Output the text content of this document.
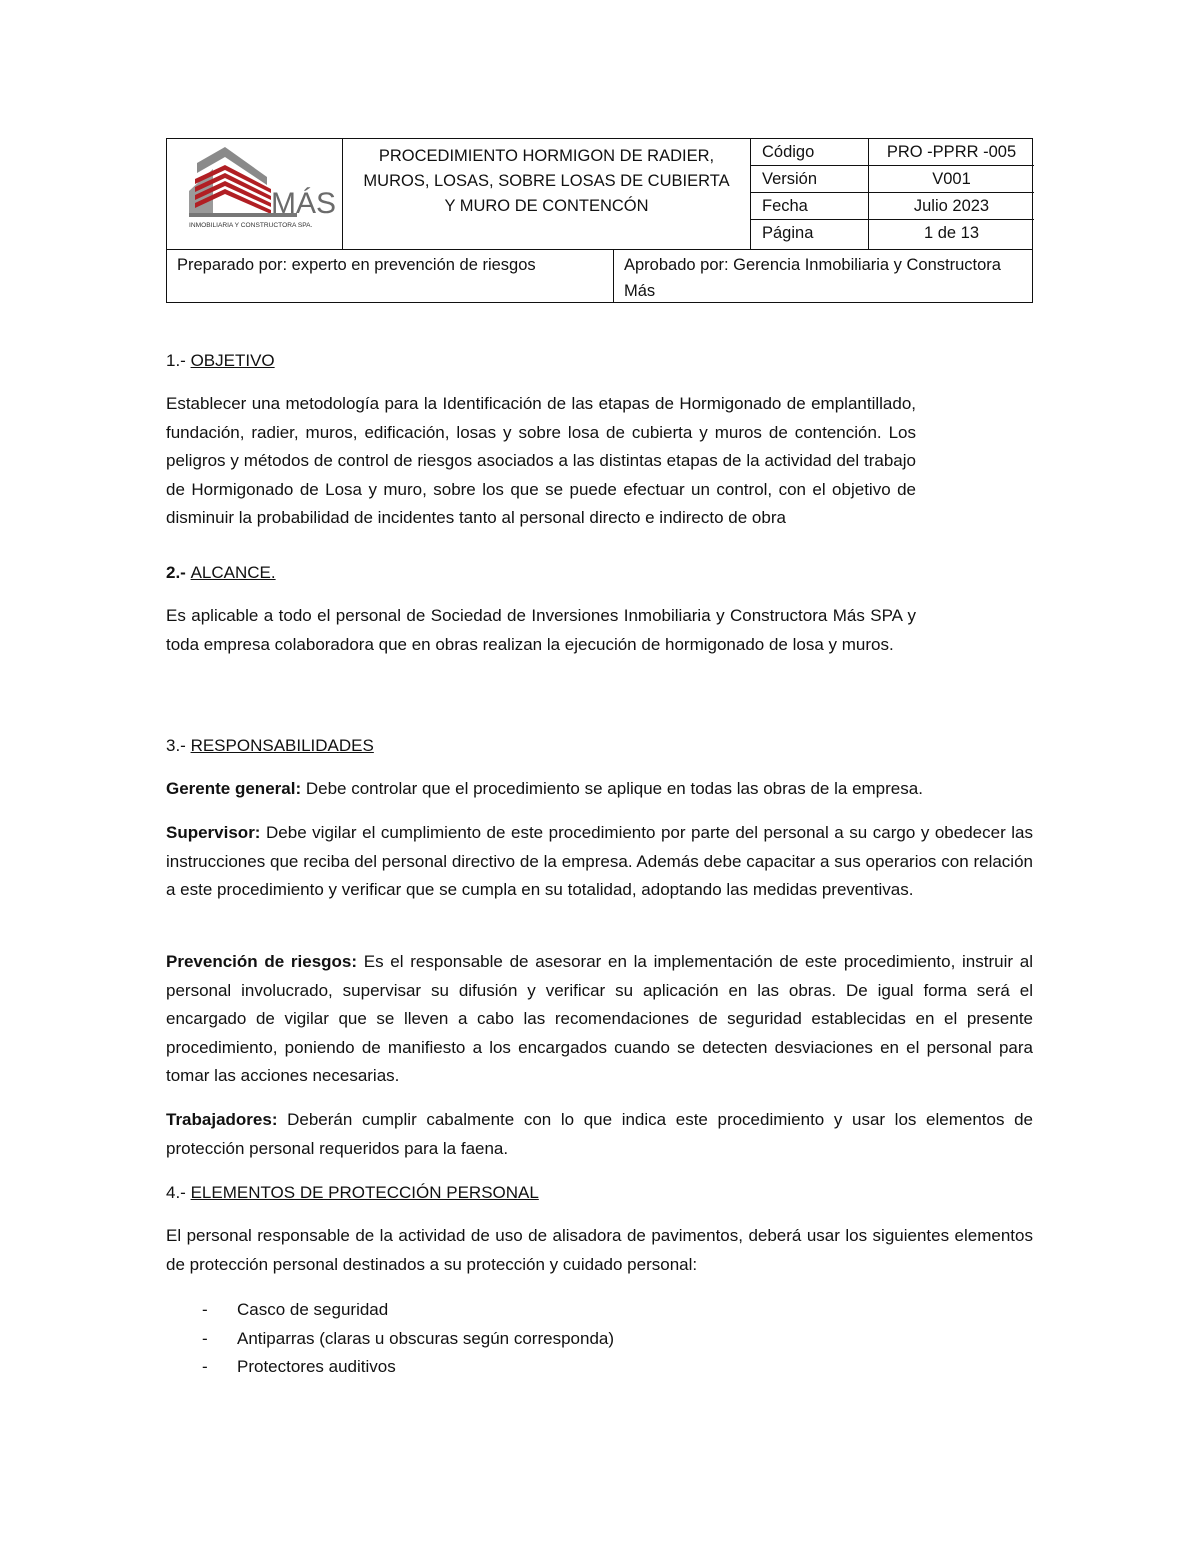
MÁS
INMOBILIARIA Y CONSTRUCTORA SPA.
PROCEDIMIENTO HORMIGON DE RADIER,
MUROS, LOSAS, SOBRE LOSAS DE CUBIERTA
Y MURO DE CONTENCÓN
Código	PRO -PPRR -005
Versión	V001
Fecha	Julio 2023
Página	1 de 13
Preparado por: experto en prevención de riesgos	Aprobado por: Gerencia Inmobiliaria y Constructora Más
1.- OBJETIVO
Establecer una metodología para la Identificación de las etapas de Hormigonado de emplantillado, fundación, radier, muros, edificación, losas y sobre losa de cubierta y muros de contención. Los peligros y métodos de control de riesgos asociados a las distintas etapas de la actividad del trabajo de Hormigonado de Losa y muro, sobre los que se puede efectuar un control, con el objetivo de disminuir la probabilidad de incidentes tanto al personal directo e indirecto de obra
2.- ALCANCE.
Es aplicable a todo el personal de Sociedad de Inversiones Inmobiliaria y Constructora Más SPA y toda empresa colaboradora que en obras realizan la ejecución de hormigonado de losa y muros.
3.- RESPONSABILIDADES
Gerente general: Debe controlar que el procedimiento se aplique en todas las obras de la empresa.
Supervisor: Debe vigilar el cumplimiento de este procedimiento por parte del personal a su cargo y obedecer las instrucciones que reciba del personal directivo de la empresa. Además debe capacitar a sus operarios con relación a este procedimiento y verificar que se cumpla en su totalidad, adoptando las medidas preventivas.
Prevención de riesgos: Es el responsable de asesorar en la implementación de este procedimiento, instruir al personal involucrado, supervisar su difusión y verificar su aplicación en las obras. De igual forma será el encargado de vigilar que se lleven a cabo las recomendaciones de seguridad establecidas en el presente procedimiento, poniendo de manifiesto a los encargados cuando se detecten desviaciones en el personal para tomar las acciones necesarias.
Trabajadores: Deberán cumplir cabalmente con lo que indica este procedimiento y usar los elementos de protección personal requeridos para la faena.
4.- ELEMENTOS DE PROTECCIÓN PERSONAL
El personal responsable de la actividad de uso de alisadora de pavimentos, deberá usar los siguientes elementos de protección personal destinados a su protección y cuidado personal:
- Casco de seguridad
- Antiparras (claras u obscuras según corresponda)
- Protectores auditivos
